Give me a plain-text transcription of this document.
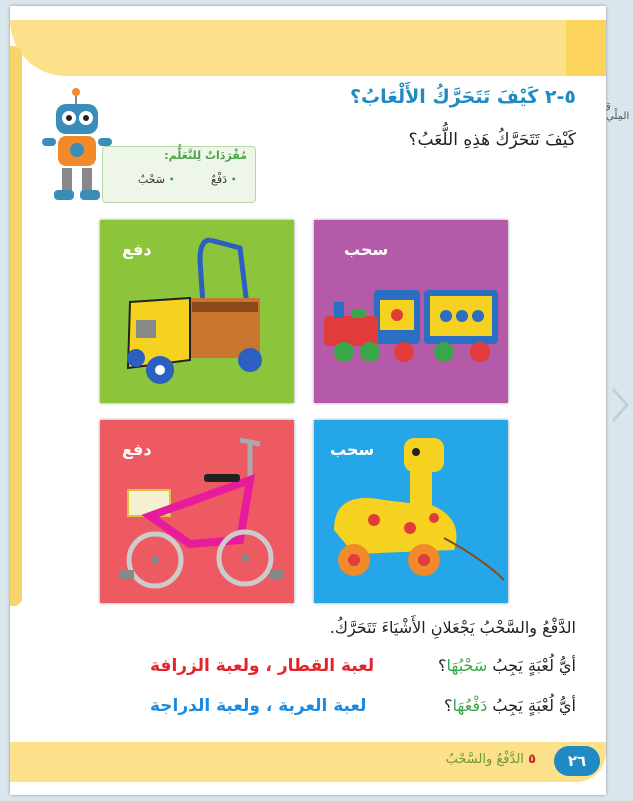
٥-٢ كَيْفَ تَتَحَرَّكُ الأَلْعَابُ؟
كَيْفَ تَتَحَرَّكُ هَذِهِ اللُّعَبُ؟
مُفْرَدَاتٌ لِلتَّعَلُّم:
دَفْعٌ •
سَحْبٌ •
سحب
دفع
سحب
دفع
الدَّفْعُ والسَّحْبُ يَجْعَلانِ الأَشْيَاءَ تَتَحَرَّكُ.
أيُّ لُعْبَةٍ يَجِبُ سَحْبُهَا؟
لعبة القطار ، ولعبة الزرافة
أيُّ لُعْبَةٍ يَجِبُ دَفْعُهَا؟
لعبة العربة ، ولعبة الدراجة
٢٦
٥ الدَّفْعُ والسَّحْبُ
وَ
المِلْي
